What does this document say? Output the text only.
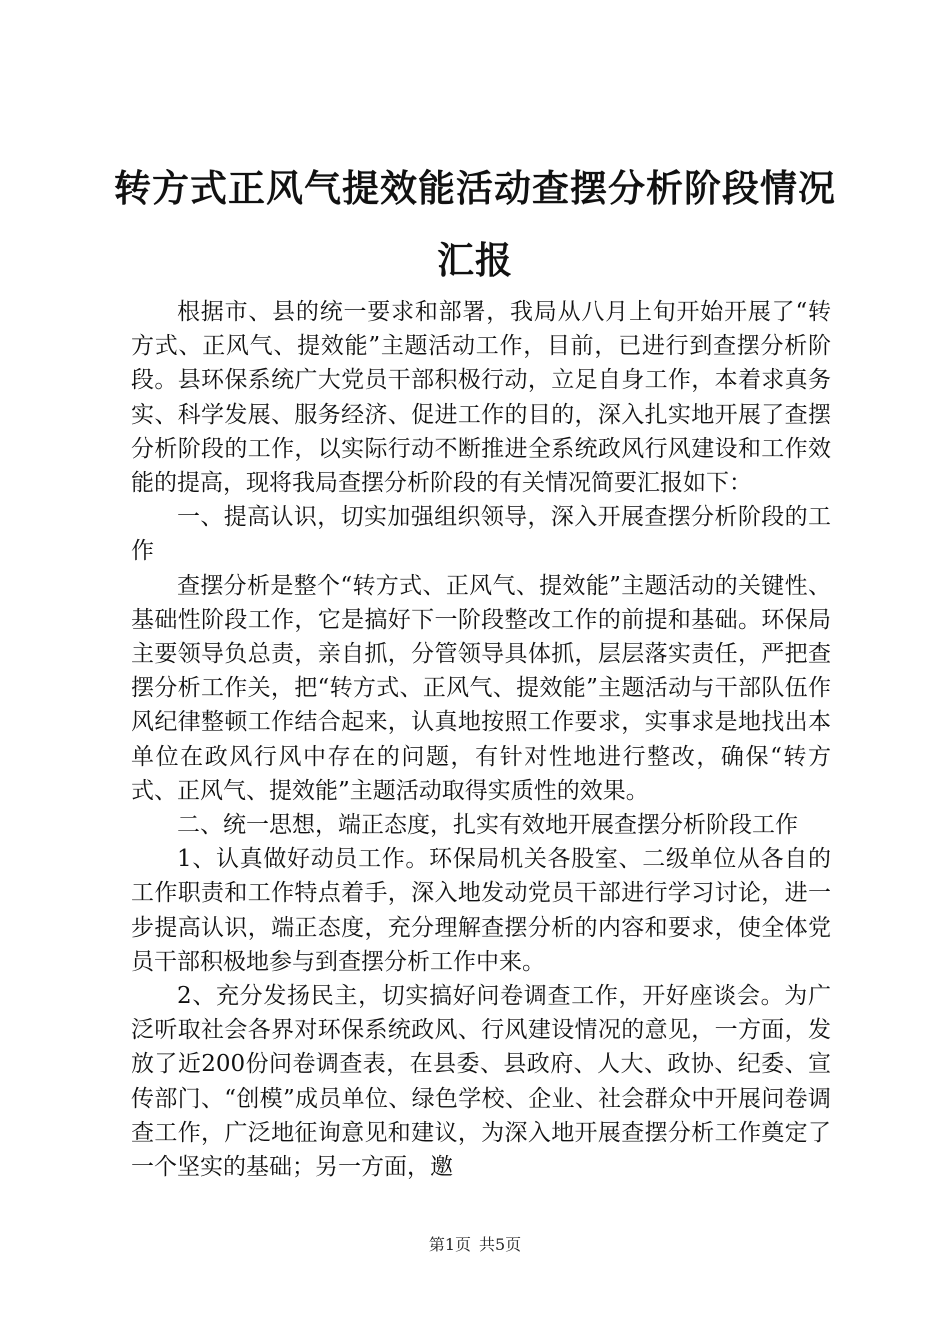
转方式正风气提效能活动查摆分析阶段情况汇报

根据市、县的统一要求和部署，我局从八月上旬开始开展了“转方式、正风气、提效能”主题活动工作，目前，已进行到查摆分析阶段。县环保系统广大党员干部积极行动，立足自身工作，本着求真务实、科学发展、服务经济、促进工作的目的，深入扎实地开展了查摆分析阶段的工作，以实际行动不断推进全系统政风行风建设和工作效能的提高，现将我局查摆分析阶段的有关情况简要汇报如下：

一、提高认识，切实加强组织领导，深入开展查摆分析阶段的工作

查摆分析是整个“转方式、正风气、提效能”主题活动的关键性、基础性阶段工作，它是搞好下一阶段整改工作的前提和基础。环保局主要领导负总责，亲自抓，分管领导具体抓，层层落实责任，严把查摆分析工作关，把“转方式、正风气、提效能”主题活动与干部队伍作风纪律整顿工作结合起来，认真地按照工作要求，实事求是地找出本单位在政风行风中存在的问题，有针对性地进行整改，确保“转方式、正风气、提效能”主题活动取得实质性的效果。

二、统一思想，端正态度，扎实有效地开展查摆分析阶段工作

1、认真做好动员工作。环保局机关各股室、二级单位从各自的工作职责和工作特点着手，深入地发动党员干部进行学习讨论，进一步提高认识，端正态度，充分理解查摆分析的内容和要求，使全体党员干部积极地参与到查摆分析工作中来。

2、充分发扬民主，切实搞好问卷调查工作，开好座谈会。为广泛听取社会各界对环保系统政风、行风建设情况的意见，一方面，发放了近200份问卷调查表，在县委、县政府、人大、政协、纪委、宣传部门、“创模”成员单位、绿色学校、企业、社会群众中开展问卷调查工作，广泛地征询意见和建议，为深入地开展查摆分析工作奠定了一个坚实的基础；另一方面，邀

第1页 共5页
